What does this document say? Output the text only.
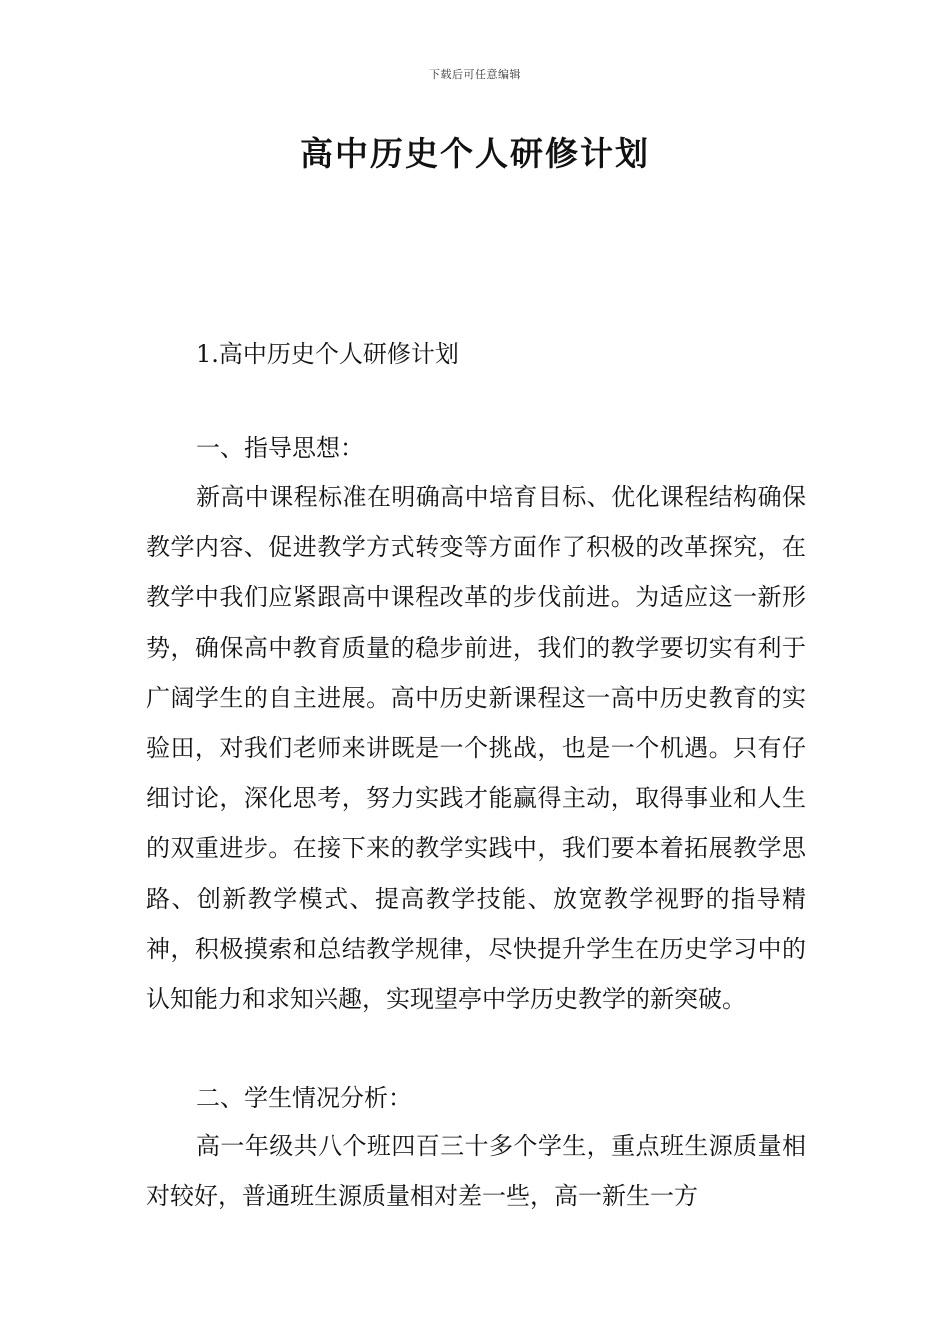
下载后可任意编辑
高中历史个人研修计划

1.高中历史个人研修计划

一、指导思想：

新高中课程标准在明确高中培育目标、优化课程结构确保教学内容、促进教学方式转变等方面作了积极的改革探究，在教学中我们应紧跟高中课程改革的步伐前进。为适应这一新形势，确保高中教育质量的稳步前进，我们的教学要切实有利于广阔学生的自主进展。高中历史新课程这一高中历史教育的实验田，对我们老师来讲既是一个挑战，也是一个机遇。只有仔细讨论，深化思考，努力实践才能赢得主动，取得事业和人生的双重进步。在接下来的教学实践中，我们要本着拓展教学思路、创新教学模式、提高教学技能、放宽教学视野的指导精神，积极摸索和总结教学规律，尽快提升学生在历史学习中的认知能力和求知兴趣，实现望亭中学历史教学的新突破。

二、学生情况分析：

高一年级共八个班四百三十多个学生，重点班生源质量相对较好，普通班生源质量相对差一些，高一新生一方
